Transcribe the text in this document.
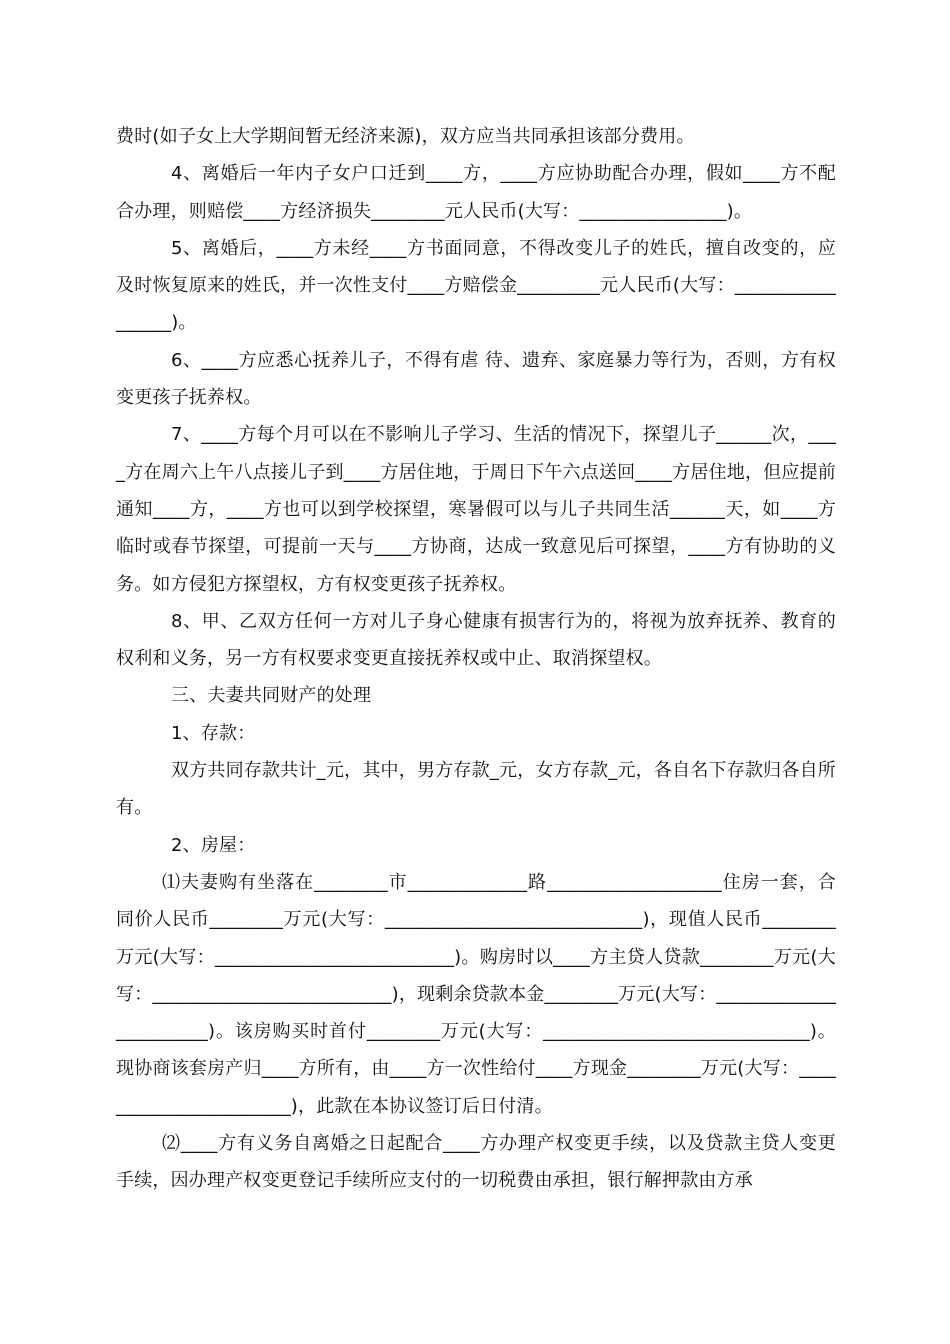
费时(如子女上大学期间暂无经济来源)，双方应当共同承担该部分费用。

4、离婚后一年内子女户口迁到____方，____方应协助配合办理，假如____方不配合办理，则赔偿____方经济损失________元人民币(大写：________________)。

5、离婚后，____方未经____方书面同意，不得改变儿子的姓氏，擅自改变的，应及时恢复原来的姓氏，并一次性支付____方赔偿金_________元人民币(大写：_________________)。

6、____方应悉心抚养儿子，不得有虐 待、遗弃、家庭暴力等行为，否则，方有权变更孩子抚养权。

7、____方每个月可以在不影响儿子学习、生活的情况下，探望儿子______次，____方在周六上午八点接儿子到____方居住地，于周日下午六点送回____方居住地，但应提前通知____方，____方也可以到学校探望，寒暑假可以与儿子共同生活______天，如____方临时或春节探望，可提前一天与____方协商，达成一致意见后可探望，____方有协助的义务。如方侵犯方探望权，方有权变更孩子抚养权。

8、甲、乙双方任何一方对儿子身心健康有损害行为的，将视为放弃抚养、教育的权利和义务，另一方有权要求变更直接抚养权或中止、取消探望权。

三、夫妻共同财产的处理

1、存款：

双方共同存款共计_元，其中，男方存款_元，女方存款_元，各自名下存款归各自所有。

2、房屋：

⑴夫妻购有坐落在________市_____________路___________________住房一套，合同价人民币________万元(大写：____________________________)，现值人民币________万元(大写：__________________________)。购房时以____方主贷人贷款________万元(大写：__________________________)，现剩余贷款本金________万元(大写：_______________________)。该房购买时首付________万元(大写：_____________________________)。现协商该套房产归____方所有，由____方一次性给付____方现金________万元(大写：_______________________)，此款在本协议签订后日付清。

⑵____方有义务自离婚之日起配合____方办理产权变更手续，以及贷款主贷人变更手续，因办理产权变更登记手续所应支付的一切税费由承担，银行解押款由方承
